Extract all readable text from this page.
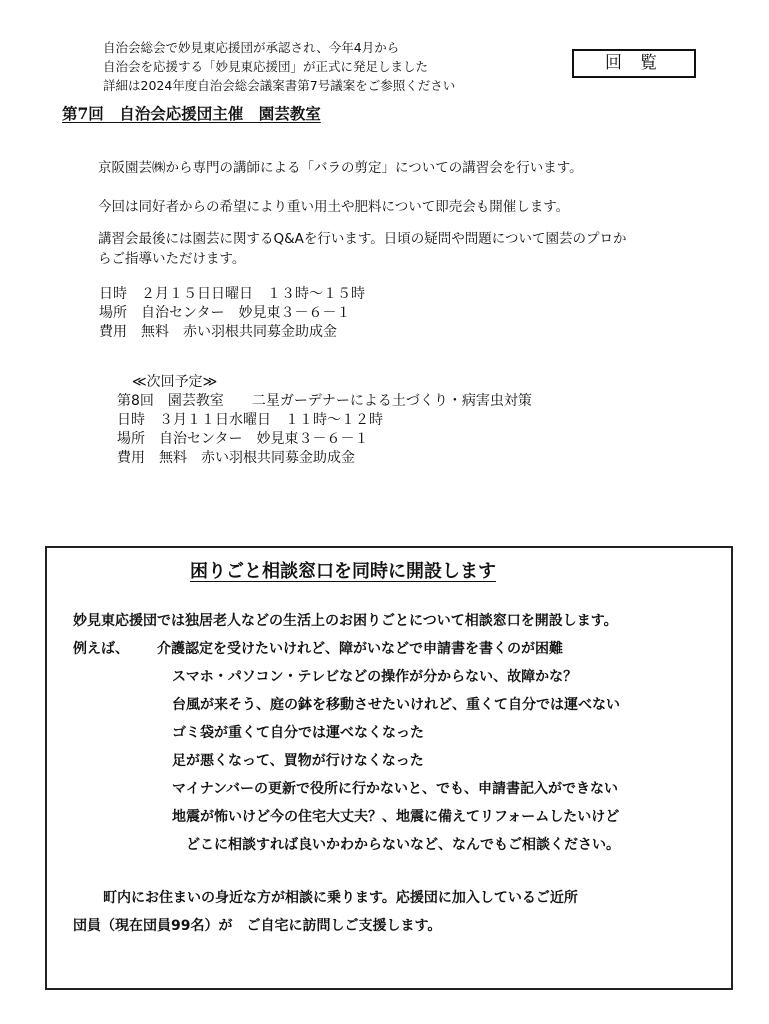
自治会総会で妙見東応援団が承認され、今年4月から
自治会を応援する「妙見東応援団」が正式に発足しました
詳細は2024年度自治会総会議案書第7号議案をご参照ください
回覧
第7回　自治会応援団主催　園芸教室
京阪園芸㈱から専門の講師による「バラの剪定」についての講習会を行います。
今回は同好者からの希望により重い用土や肥料について即売会も開催します。
講習会最後には園芸に関するQ&Aを行います。日頃の疑問や問題について園芸のプロか
らご指導いただけます。
日時　２月１５日日曜日　１３時～１５時
場所　自治センター　妙見東３－６－１
費用　無料　赤い羽根共同募金助成金
≪次回予定≫
第8回　園芸教室　　二星ガーデナーによる土づくり・病害虫対策
日時　３月１１日水曜日　１１時～１２時
場所　自治センター　妙見東３－６－１
費用　無料　赤い羽根共同募金助成金
困りごと相談窓口を同時に開設します
妙見東応援団では独居老人などの生活上のお困りごとについて相談窓口を開設します。
例えば、 介護認定を受けたいけれど、障がいなどで申請書を書くのが困難
スマホ・パソコン・テレビなどの操作が分からない、故障かな？
台風が来そう、庭の鉢を移動させたいけれど、重くて自分では運べない
ゴミ袋が重くて自分では運べなくなった
足が悪くなって、買物が行けなくなった
マイナンバーの更新で役所に行かないと、でも、申請書記入ができない
地震が怖いけど今の住宅大丈夫？、地震に備えてリフォームしたいけど
どこに相談すれば良いかわからないなど、なんでもご相談ください。
町内にお住まいの身近な方が相談に乗ります。応援団に加入しているご近所
団員（現在団員99名）が　ご自宅に訪問しご支援します。
